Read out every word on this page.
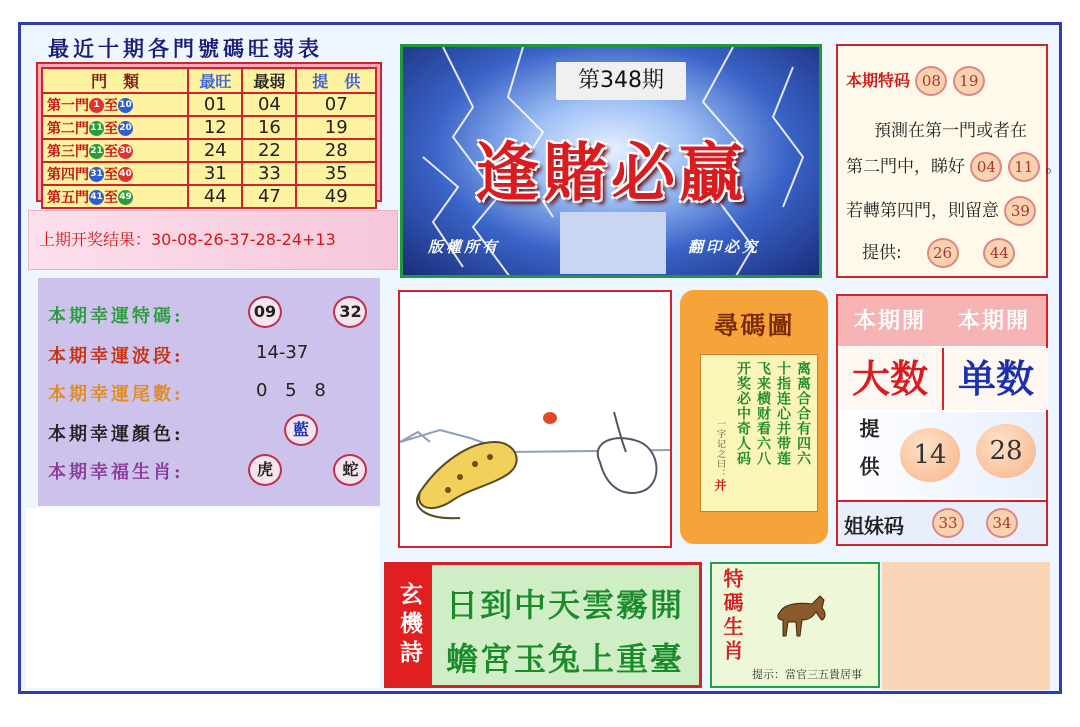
最近十期各門號碼旺弱表
門　類	最旺	最弱	提　供
第一門 1 至10	01	04	07
第二門11至20	12	16	19
第三門21至30	24	22	28
第四門31至40	31	33	35
第五門41至49	44	47	49
上期开奖结果：30-08-26-37-28-24+13
第348期
逢賭必贏
版權所有	翻印必究
本期特码 08 19
預測在第一門或者在
第二門中，睇好 04 11 。
若轉第四門，則留意 39
提供: 26	44
本期幸運特碼:	09	32
本期幸運波段:	14-37
本期幸運尾數:	0 5 8
本期幸運顏色:	藍
本期幸福生肖:	虎	蛇
尋碼圖
离离合合有四六
十指连心并带莲
飞来横财看六八
开奖必中奇人码
一字记之曰：并
本期開	本期開
大数 单数
提供	14	28
姐妹码	33	34
玄機詩 日到中天雲霧開
蟾宮玉兔上重臺 特碼生肖
提示：當官三五貴居事
